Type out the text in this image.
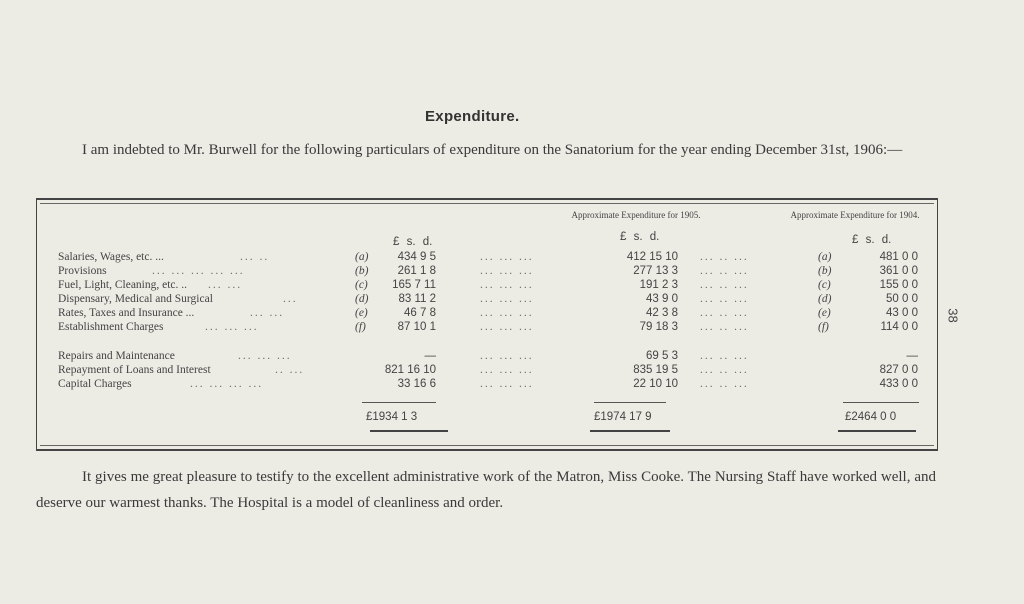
Expenditure.
I am indebted to Mr. Burwell for the following particulars of expenditure on the Sanatorium for the year ending December 31st, 1906:—
Approximate Expenditure for 1905.	Approximate Expenditure for 1904.
£ s. d.	£ s. d.	£ s. d.
Salaries, Wages, etc. ...	... ..	(a)	434 9 5	... ... ...	412 15 10 ... .. ...	(a)	481 0 0
Provisions	... ... ... ... ...	(b)	261 1 8	... ... ...	277 13 3 ... .. ...	(b)	361 0 0
Fuel, Light, Cleaning, etc. .. ... ...	(c)	165 7 11	... ... ...	191 2 3 ... .. ...	(c)	155 0 0
Dispensary, Medical and Surgical	...	(d)	83 11 2	... ... ...	43 9 0 ... .. ...	(d)	50 0 0
Rates, Taxes and Insurance ...	... ...	(e)	46 7 8	... ... ...	42 3 8 ... .. ...	(e)	43 0 0
Establishment Charges	... ... ...	(f)	87 10 1	... ... ...	79 18 3 ... .. ...	(f)	114 0 0
Repairs and Maintenance	... ... ...	—	... ... ...	69 5 3 ... .. ...	—
Repayment of Loans and Interest	.. ...	821 16 10	... ... ...	835 19 5 ... .. ...	827 0 0
Capital Charges	... ... ... ...	33 16 6	... ... ...	22 10 10 ... .. ...	433 0 0
£1934 1 3	£1974 17 9	£2464 0 0
38
It gives me great pleasure to testify to the excellent administrative work of the Matron, Miss Cooke. The Nursing Staff have worked well, and deserve our warmest thanks. The Hospital is a model of cleanliness and order.
